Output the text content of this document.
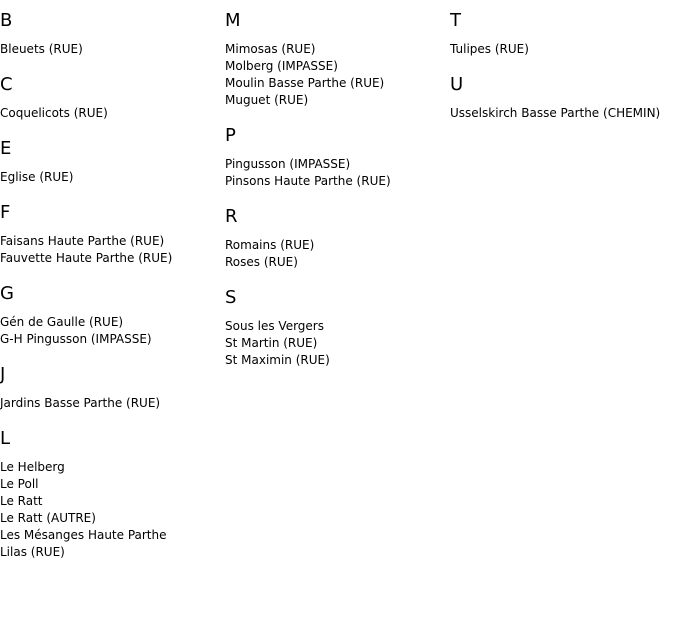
B
Bleuets (RUE)
C
Coquelicots (RUE)
E
Eglise (RUE)
F
Faisans Haute Parthe (RUE)
Fauvette Haute Parthe (RUE)
G
Gén de Gaulle (RUE)
G-H Pingusson (IMPASSE)
J
Jardins Basse Parthe (RUE)
L
Le Helberg
Le Poll
Le Ratt
Le Ratt (AUTRE)
Les Mésanges Haute Parthe
Lilas (RUE)
M
Mimosas (RUE)
Molberg (IMPASSE)
Moulin Basse Parthe (RUE)
Muguet (RUE)
P
Pingusson (IMPASSE)
Pinsons Haute Parthe (RUE)
R
Romains (RUE)
Roses (RUE)
S
Sous les Vergers
St Martin (RUE)
St Maximin (RUE)
T
Tulipes (RUE)
U
Usselskirch Basse Parthe (CHEMIN)
